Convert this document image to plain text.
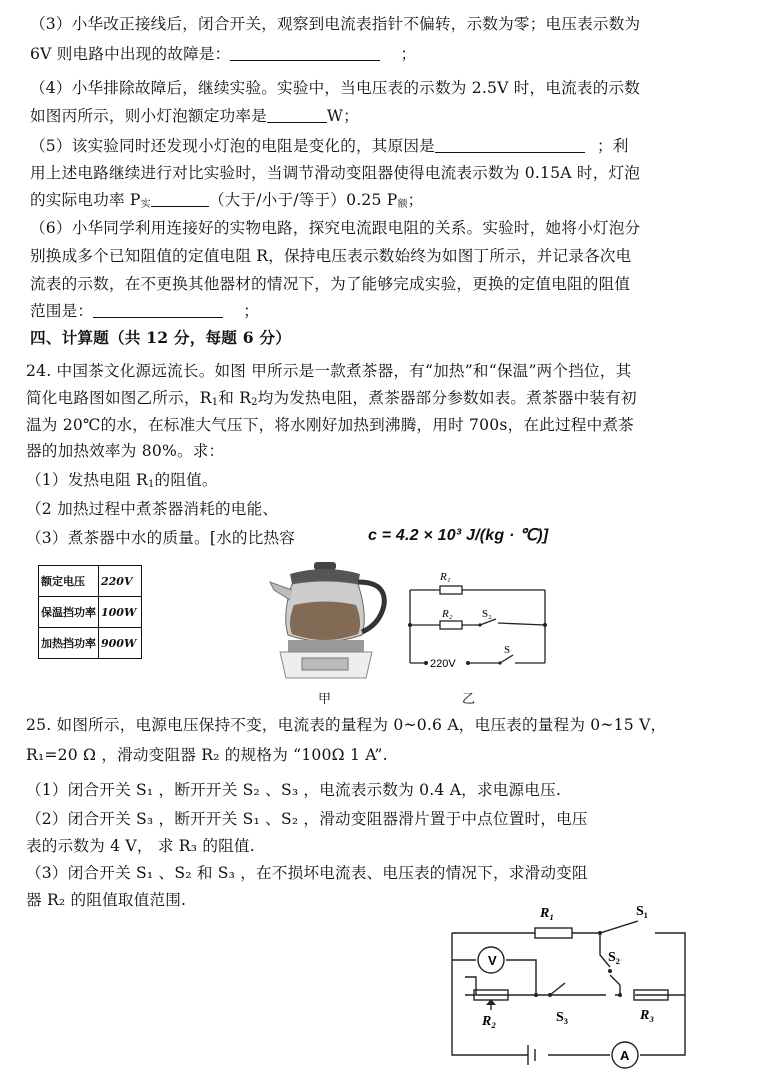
（3）小华改正接线后，闭合开关，观察到电流表指针不偏转，示数为零；电压表示数为
6V 则电路中出现的故障是：	；
（4）小华排除故障后，继续实验。实验中，当电压表的示数为 2.5V 时，电流表的示数
如图丙所示，则小灯泡额定功率是	W；
（5）该实验同时还发现小灯泡的电阻是变化的，其原因是	；利
用上述电路继续进行对比实验时，当调节滑动变阻器使得电流表示数为 0.15A 时，灯泡
的实际电功率 $P_实$	（大于/小于/等于）0.25 $P_额$；
（6）小华同学利用连接好的实物电路，探究电流跟电阻的关系。实验时，她将小灯泡分
别换成多个已知阻值的定值电阻 R，保持电压表示数始终为如图丁所示，并记录各次电
流表的示数，在不更换其他器材的情况下，为了能够完成实验，更换的定值电阻的阻值
范围是：	；
四、计算题（共 12 分，每题 6 分）
24. 中国茶文化源远流长。如图 甲所示是一款煮茶器，有“加热”和“保温”两个挡位，其
简化电路图如图乙所示，$R_1$和 $R_2$均为发热电阻，煮茶器部分参数如表。煮茶器中装有初
温为 20℃的水，在标准大气压下，将水刚好加热到沸腾，用时 700s，在此过程中煮茶
器的加热效率为 80%。求：
（1）发热电阻 $R_1$的阻值。
（2 加热过程中煮茶器消耗的电能、
（3）煮茶器中水的质量。[水的比热容	c = 4.2 × 10³ J/(kg · ℃)]
额定电压	220V
保温挡功率	100W
加热挡功率	900W
甲
R₁
R₂	S₂
220V
S
乙
25. 如图所示，电源电压保持不变，电流表的量程为 0~0.6 A，电压表的量程为 0~15 V，
R₁=20 Ω ，滑动变阻器 R₂ 的规格为 “100Ω 1 A”.
（1）闭合开关 S₁ ，断开开关 S₂ 、S₃ ，电流表示数为 0.4 A，求电源电压.
（2）闭合开关 S₃ ，断开开关 S₁ 、S₂ ，滑动变阻器滑片置于中点位置时，电压
表的示数为 4 V， 求 R₃ 的阻值.
（3）闭合开关 S₁ 、S₂ 和 S₃ ，在不损坏电流表、电压表的情况下，求滑动变阻
器 R₂ 的阻值取值范围.
V
A
R₁	S₁
S₂
R₂	S₃	R₃
